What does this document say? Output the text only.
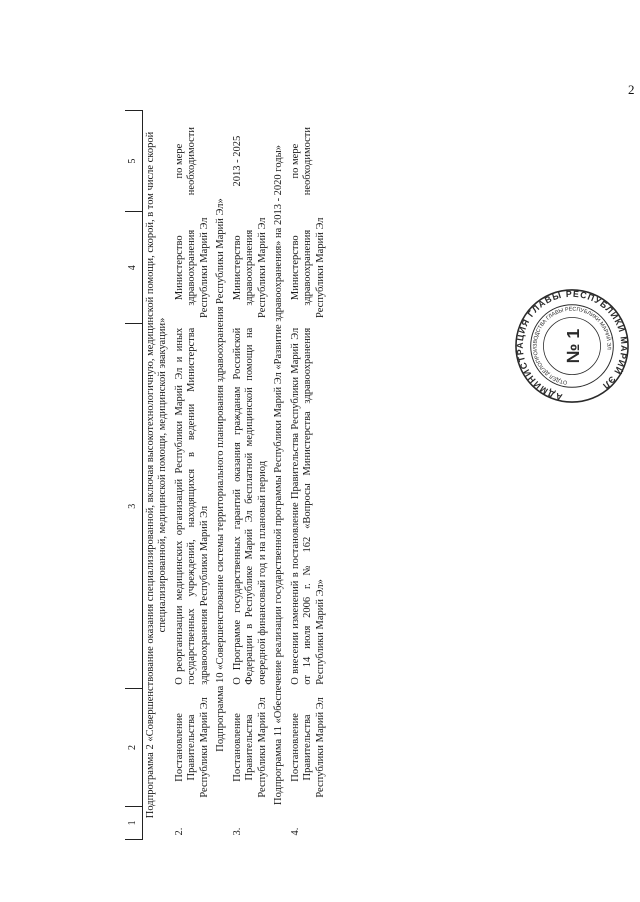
2
1	2	3	4	5
Подпрограмма 2 «Совершенствование оказания специализированной, включая высокотехнологичную, медицинской помощи, скорой, в том числе скорой специализированной, медицинской помощи, медицинской эвакуации»				
2.	Постановление Правительства Республики Марий Эл	О реорганизации медицинских организаций Республики Марий Эл и иных государственных учреждений, находящихся в ведении Министерства здравоохранения Республики Марий Эл	Министерство здравоохранения Республики Марий Эл	по мере необходимости
Подпрограмма 10 «Совершенствование системы территориального планирования здравоохранения Республики Марий Эл»				
3.	Постановление Правительства Республики Марий Эл	О Программе государственных гарантий оказания гражданам Российской Федерации в Республике Марий Эл бесплатной медицинской помощи на очередной финансовый год и на плановый период	Министерство здравоохранения Республики Марий Эл	2013 - 2025
Подпрограмма 11 «Обеспечение реализации государственной программы Республики Марий Эл «Развитие здравоохранения» на 2013 - 2020 годы»				
4.	Постановление Правительства Республики Марий Эл	О внесении изменений в постановление Правительства Республики Марий Эл от 14 июля 2006 г. № 162 «Вопросы Министерства здравоохранения Республики Марий Эл»	Министерство здравоохранения Республики Марий Эл	по мере необходимости
АДМИНИСТРАЦИЯ ГЛАВЫ РЕСПУБЛИКИ МАРИЙ ЭЛ
ОТДЕЛ ДЕЛОПРОИЗВОДСТВА ГЛАВЫ РЕСПУБЛИКИ МАРИЙ ЭЛ
№ 1
